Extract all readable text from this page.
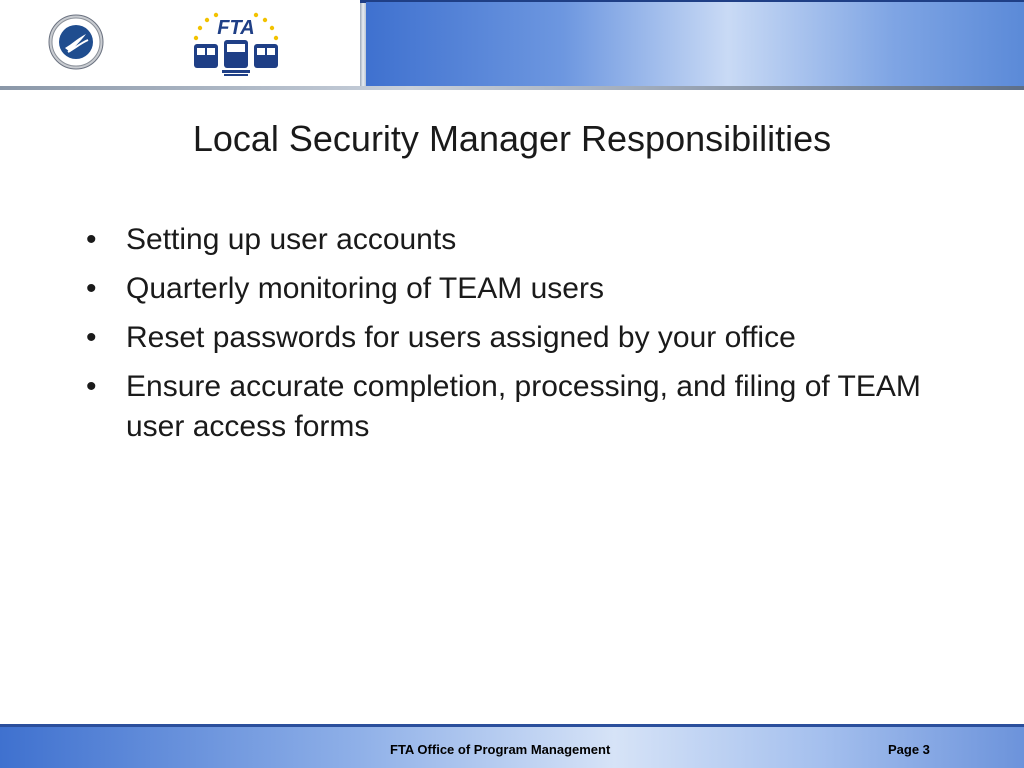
FTA
Local Security Manager Responsibilities
• Setting up user accounts
• Quarterly monitoring of TEAM users
• Reset passwords for users assigned by your office
• Ensure accurate completion, processing, and filing of TEAM user access forms
FTA Office of Program Management	Page 3
